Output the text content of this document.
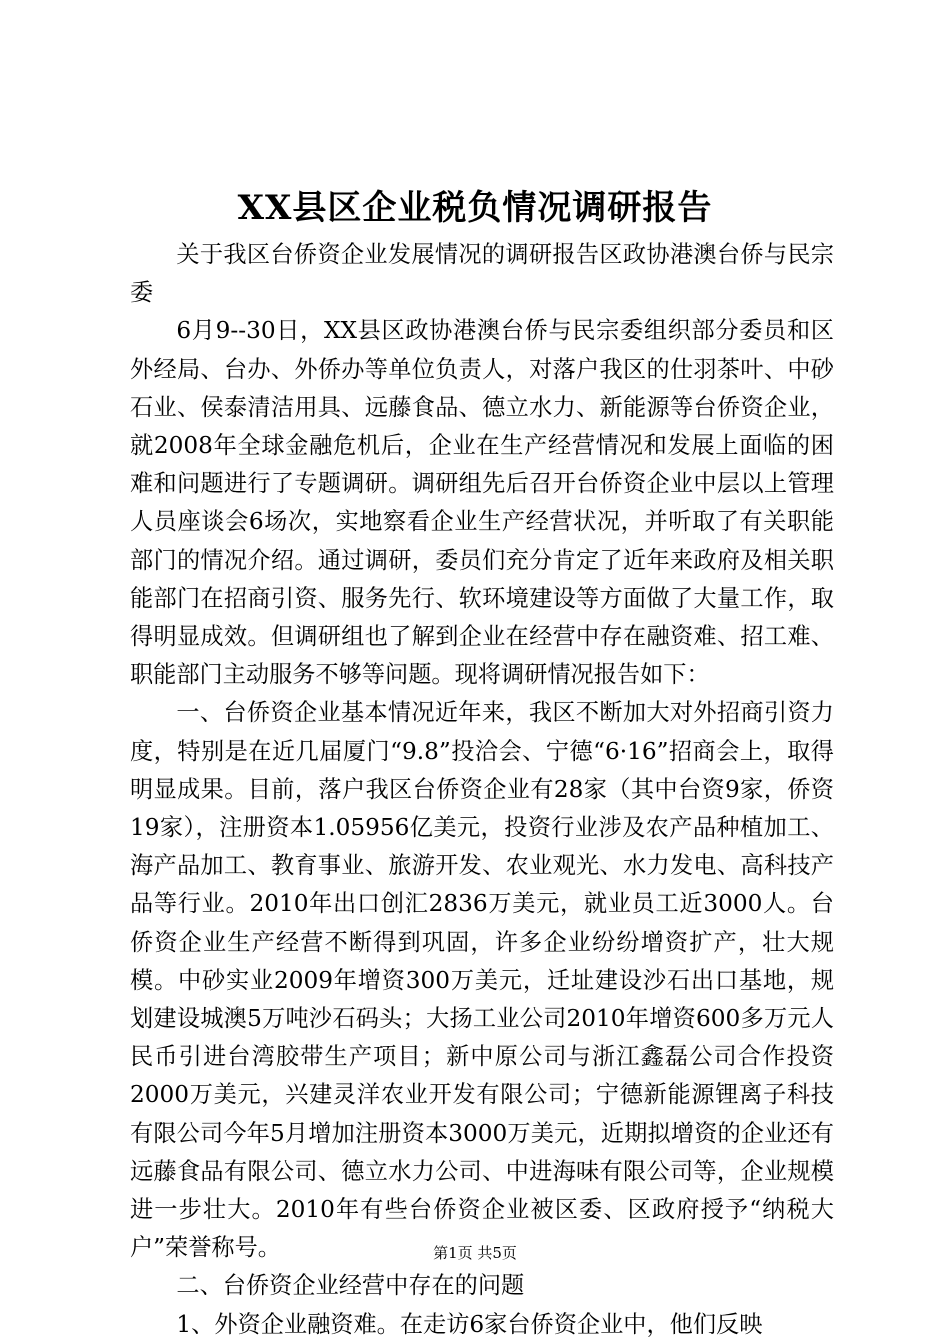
XX县区企业税负情况调研报告

关于我区台侨资企业发展情况的调研报告区政协港澳台侨与民宗委

6月9--30日，XX县区政协港澳台侨与民宗委组织部分委员和区外经局、台办、外侨办等单位负责人，对落户我区的仕羽茶叶、中砂石业、侯泰清洁用具、远藤食品、德立水力、新能源等台侨资企业，就2008年全球金融危机后，企业在生产经营情况和发展上面临的困难和问题进行了专题调研。调研组先后召开台侨资企业中层以上管理人员座谈会6场次，实地察看企业生产经营状况，并听取了有关职能部门的情况介绍。通过调研，委员们充分肯定了近年来政府及相关职能部门在招商引资、服务先行、软环境建设等方面做了大量工作，取得明显成效。但调研组也了解到企业在经营中存在融资难、招工难、职能部门主动服务不够等问题。现将调研情况报告如下：

一、台侨资企业基本情况近年来，我区不断加大对外招商引资力度，特别是在近几届厦门“9.8”投洽会、宁德“6·16”招商会上，取得明显成果。目前，落户我区台侨资企业有28家（其中台资9家，侨资19家），注册资本1.05956亿美元，投资行业涉及农产品种植加工、海产品加工、教育事业、旅游开发、农业观光、水力发电、高科技产品等行业。2010年出口创汇2836万美元，就业员工近3000人。台侨资企业生产经营不断得到巩固，许多企业纷纷增资扩产，壮大规模。中砂实业2009年增资300万美元，迁址建设沙石出口基地，规划建设城澳5万吨沙石码头；大扬工业公司2010年增资600多万元人民币引进台湾胶带生产项目；新中原公司与浙江鑫磊公司合作投资2000万美元，兴建灵洋农业开发有限公司；宁德新能源锂离子科技有限公司今年5月增加注册资本3000万美元，近期拟增资的企业还有远藤食品有限公司、德立水力公司、中进海味有限公司等，企业规模进一步壮大。2010年有些台侨资企业被区委、区政府授予“纳税大户”荣誉称号。

二、台侨资企业经营中存在的问题

1、外资企业融资难。在走访6家台侨资企业中，他们反映

第1页 共5页
